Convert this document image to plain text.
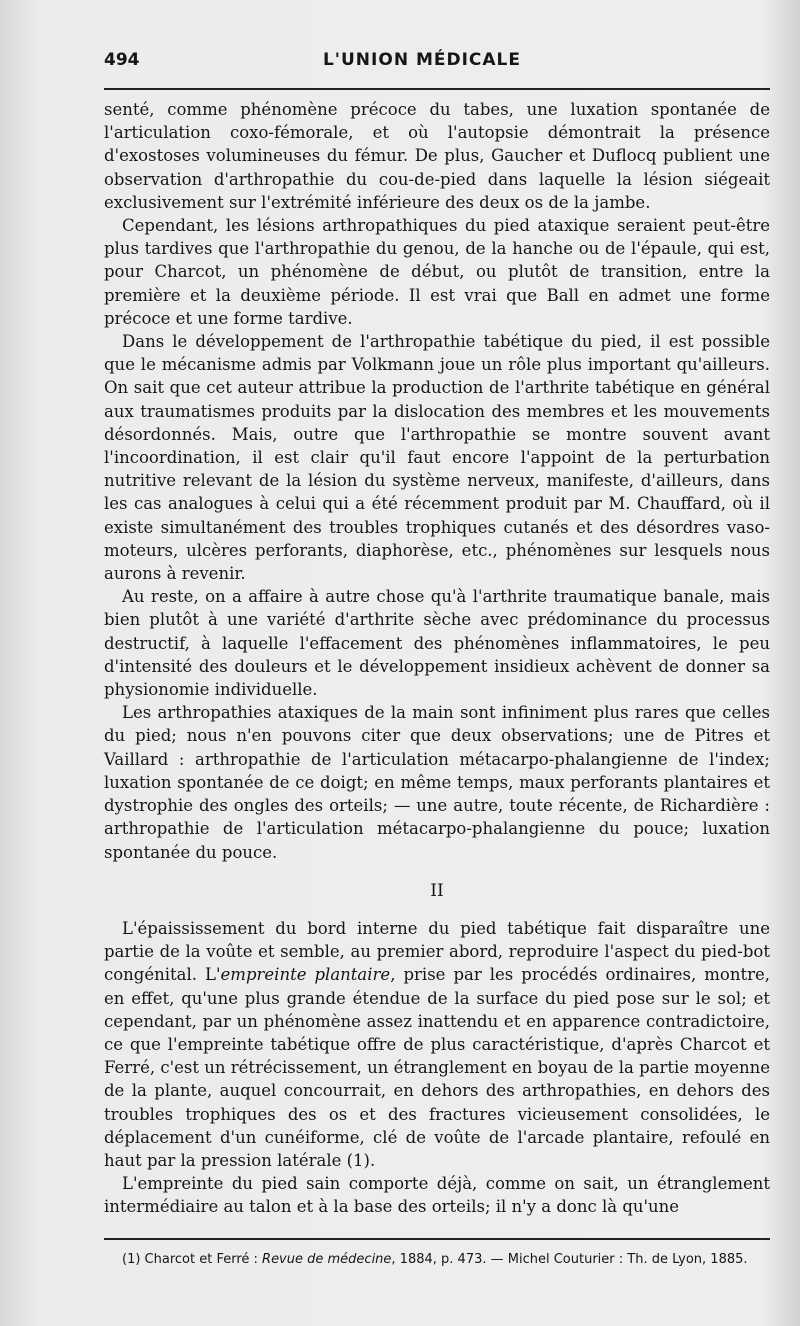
494	L'UNION MÉDICALE

senté, comme phénomène précoce du tabes, une luxation spontanée de l'articulation coxo-fémorale, et où l'autopsie démontrait la présence d'exostoses volumineuses du fémur. De plus, Gaucher et Duflocq publient une observation d'arthropathie du cou-de-pied dans laquelle la lésion siégeait exclusivement sur l'extrémité inférieure des deux os de la jambe.

Cependant, les lésions arthropathiques du pied ataxique seraient peut-être plus tardives que l'arthropathie du genou, de la hanche ou de l'épaule, qui est, pour Charcot, un phénomène de début, ou plutôt de transition, entre la première et la deuxième période. Il est vrai que Ball en admet une forme précoce et une forme tardive.

Dans le développement de l'arthropathie tabétique du pied, il est possible que le mécanisme admis par Volkmann joue un rôle plus important qu'ailleurs. On sait que cet auteur attribue la production de l'arthrite tabétique en général aux traumatismes produits par la dislocation des membres et les mouvements désordonnés. Mais, outre que l'arthropathie se montre souvent avant l'incoordination, il est clair qu'il faut encore l'appoint de la perturbation nutritive relevant de la lésion du système nerveux, manifeste, d'ailleurs, dans les cas analogues à celui qui a été récemment produit par M. Chauffard, où il existe simultanément des troubles trophiques cutanés et des désordres vaso-moteurs, ulcères perforants, diaphorèse, etc., phénomènes sur lesquels nous aurons à revenir.

Au reste, on a affaire à autre chose qu'à l'arthrite traumatique banale, mais bien plutôt à une variété d'arthrite sèche avec prédominance du processus destructif, à laquelle l'effacement des phénomènes inflammatoires, le peu d'intensité des douleurs et le développement insidieux achèvent de donner sa physionomie individuelle.

Les arthropathies ataxiques de la main sont infiniment plus rares que celles du pied; nous n'en pouvons citer que deux observations; une de Pitres et Vaillard : arthropathie de l'articulation métacarpo-phalangienne de l'index; luxation spontanée de ce doigt; en même temps, maux perforants plantaires et dystrophie des ongles des orteils; — une autre, toute récente, de Richardière : arthropathie de l'articulation métacarpo-phalangienne du pouce; luxation spontanée du pouce.

II

L'épaississement du bord interne du pied tabétique fait disparaître une partie de la voûte et semble, au premier abord, reproduire l'aspect du pied-bot congénital. L'empreinte plantaire, prise par les procédés ordinaires, montre, en effet, qu'une plus grande étendue de la surface du pied pose sur le sol; et cependant, par un phénomène assez inattendu et en apparence contradictoire, ce que l'empreinte tabétique offre de plus caractéristique, d'après Charcot et Ferré, c'est un rétrécissement, un étranglement en boyau de la partie moyenne de la plante, auquel concourrait, en dehors des arthropathies, en dehors des troubles trophiques des os et des fractures vicieusement consolidées, le déplacement d'un cunéiforme, clé de voûte de l'arcade plantaire, refoulé en haut par la pression latérale (1).

L'empreinte du pied sain comporte déjà, comme on sait, un étranglement intermédiaire au talon et à la base des orteils; il n'y a donc là qu'une

(1) Charcot et Ferré : Revue de médecine, 1884, p. 473. — Michel Couturier : Th. de Lyon, 1885.
